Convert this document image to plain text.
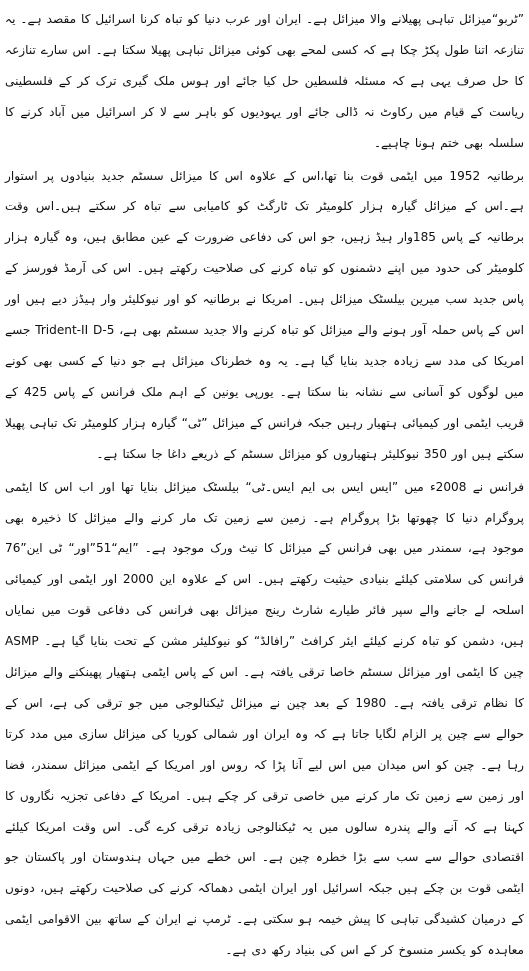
”ٹربو“میزائل تباہی پھیلانے والا میزائل ہے۔ ایران اور عرب دنیا کو تباہ کرنا اسرائیل کا مقصد ہے۔ یہ تنازعہ اتنا طول پکڑ چکا ہے کہ کسی لمحے بھی کوئی میزائل تباہی پھیلا سکتا ہے۔ اس سارے تنازعہ کا حل صرف یہی ہے کہ مسئلہ فلسطین حل کیا جائے اور ہوس ملک گیری ترک کر کے فلسطینی ریاست کے قیام میں رکاوٹ نہ ڈالی جائے اور یہودیوں کو باہر سے لا کر اسرائیل میں آباد کرنے کا سلسلہ بھی ختم ہونا چاہیے۔

برطانیہ 1952 میں ایٹمی قوت بنا تھا،اس کے علاوہ اس کا میزائل سسٹم جدید بنیادوں پر استوار ہے۔اس کے میزائل گیارہ ہزار کلومیٹر تک ٹارگٹ کو کامیابی سے تباہ کر سکتے ہیں۔اس وقت برطانیہ کے پاس 185وار ہیڈ زہیں، جو اس کی دفاعی ضرورت کے عین مطابق ہیں، وہ گیارہ ہزار کلومیٹر کی حدود میں اپنے دشمنوں کو تباہ کرنے کی صلاحیت رکھتے ہیں۔ اس کی آرمڈ فورسز کے پاس جدید سب میرین بیلسٹک میزائل ہیں۔ امریکا نے برطانیہ کو اور نیوکلیئر وار ہیڈز دیے ہیں اور اس کے پاس حملہ آور ہونے والے میزائل کو تباہ کرنے والا جدید سسٹم بھی ہے، Trident-II D-5 جسے امریکا کی مدد سے زیادہ جدید بنایا گیا ہے۔ یہ وہ خطرناک میزائل ہے جو دنیا کے کسی بھی کونے میں لوگوں کو آسانی سے نشانہ بنا سکتا ہے۔ یورپی یونین کے اہم ملک فرانس کے پاس 425 کے قریب ایٹمی اور کیمیائی ہتھیار رہیں جبکہ فرانس کے میزائل ”ٹی“ گیارہ ہزار کلومیٹر تک تباہی پھیلا سکتے ہیں اور 350 نیوکلیئر ہتھیاروں کو میزائل سسٹم کے ذریعے داغا جا سکتا ہے۔

فرانس نے 2008ء میں ”ایس ایس بی ایم ایس۔ٹی“ بیلسٹک میزائل بنایا تھا اور اب اس کا ایٹمی پروگرام دنیا کا چھوتھا بڑا پروگرام ہے۔ زمین سے زمین تک مار کرنے والے میزائل کا ذخیرہ بھی موجود ہے، سمندر میں بھی فرانس کے میزائل کا نیٹ ورک موجود ہے۔ ”ایم“51”اور“ ٹی این”76 فرانس کی سلامتی کیلئے بنیادی حیثیت رکھتے ہیں۔ اس کے علاوہ این 2000 اور ایٹمی اور کیمیائی اسلحہ لے جانے والے سپر فائر طیارے شارٹ رینج میزائل بھی فرانس کی دفاعی قوت میں نمایاں ہیں، دشمن کو تباہ کرنے کیلئے ایئر کرافٹ ”رافالڈ“ کو نیوکلیئر مشن کے تحت بنایا گیا ہے۔ ASMP چین کا ایٹمی اور میزائل سسٹم خاصا ترقی یافتہ ہے۔ اس کے پاس ایٹمی ہتھیار پھینکنے والے میزائل کا نظام ترقی یافتہ ہے۔ 1980 کے بعد چین نے میزائل ٹیکنالوجی میں جو ترقی کی ہے، اس کے حوالے سے چین پر الزام لگایا جاتا ہے کہ وہ ایران اور شمالی کوریا کی میزائل سازی میں مدد کرتا رہا ہے۔ چین کو اس میدان میں اس لیے آنا پڑا کہ روس اور امریکا کے ایٹمی میزائل سمندر، فضا اور زمین سے زمین تک مار کرنے میں خاصی ترقی کر چکے ہیں۔ امریکا کے دفاعی تجزیہ نگاروں کا کہنا ہے کہ آنے والے پندرہ سالوں میں یہ ٹیکنالوجی زیادہ ترقی کرے گی۔ اس وقت امریکا کیلئے اقتصادی حوالے سے سب سے بڑا خطرہ چین ہے۔ اس خطے میں جہاں ہندوستان اور پاکستان جو ایٹمی قوت بن چکے ہیں جبکہ اسرائیل اور ایران ایٹمی دھماکہ کرنے کی صلاحیت رکھتے ہیں، دونوں کے درمیان کشیدگی تباہی کا پیش خیمہ ہو سکتی ہے۔ ٹرمپ نے ایران کے ساتھ بین الاقوامی ایٹمی معاہدہ کو یکسر منسوخ کر کے اس کی بنیاد رکھ دی ہے۔
